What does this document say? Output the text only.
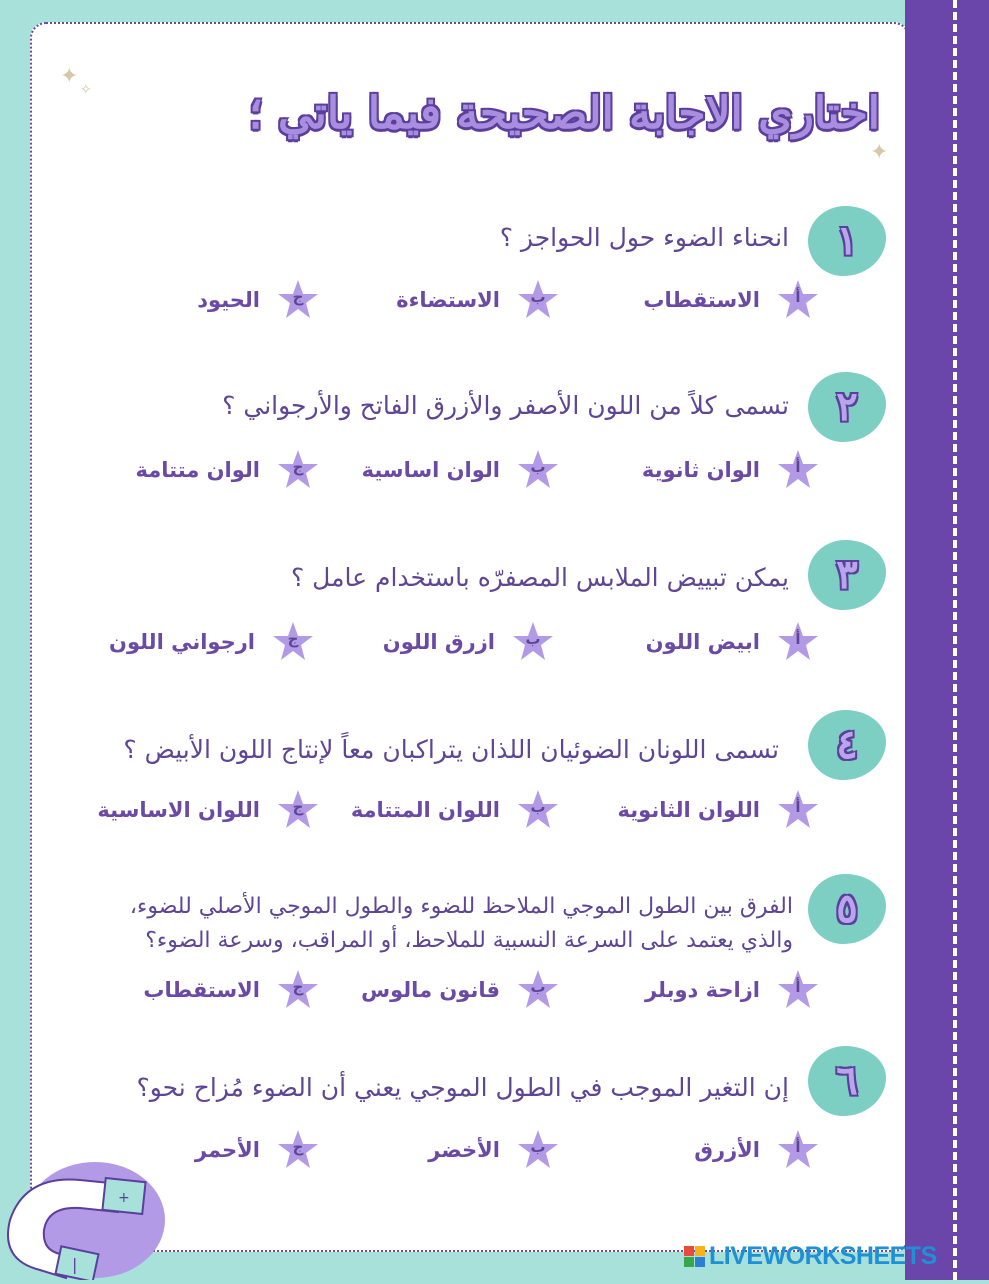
✦
✧
✦
اختاري الاجابة الصحيحة فيما ياتي ؛
١
انحناء الضوء حول الحواجز ؟
أ
الاستقطاب
ب
الاستضاءة
ج
الحيود
٢
تسمى كلاً من اللون الأصفر والأزرق الفاتح والأرجواني ؟
أ
الوان ثانوية
ب
الوان اساسية
ج
الوان متتامة
٣
يمكن تبييض الملابس المصفرّه باستخدام عامل ؟
أ
ابيض اللون
ب
ازرق اللون
ج
ارجواني اللون
٤
تسمى اللونان الضوئيان اللذان يتراكبان معاً لإنتاج اللون الأبيض ؟
أ
اللوان الثانوية
ب
اللوان المتتامة
ج
اللوان الاساسية
٥
الفرق بين الطول الموجي الملاحظ للضوء والطول الموجي الأصلي للضوء، والذي يعتمد على السرعة النسبية للملاحظ، أو المراقب، وسرعة الضوء؟
أ
ازاحة دوبلر
ب
قانون مالوس
ج
الاستقطاب
٦
إن التغير الموجب في الطول الموجي يعني أن الضوء مُزاح نحو؟
أ
الأزرق
ب
الأخضر
ج
الأحمر
+
|	LIVEWORKSHEETS
